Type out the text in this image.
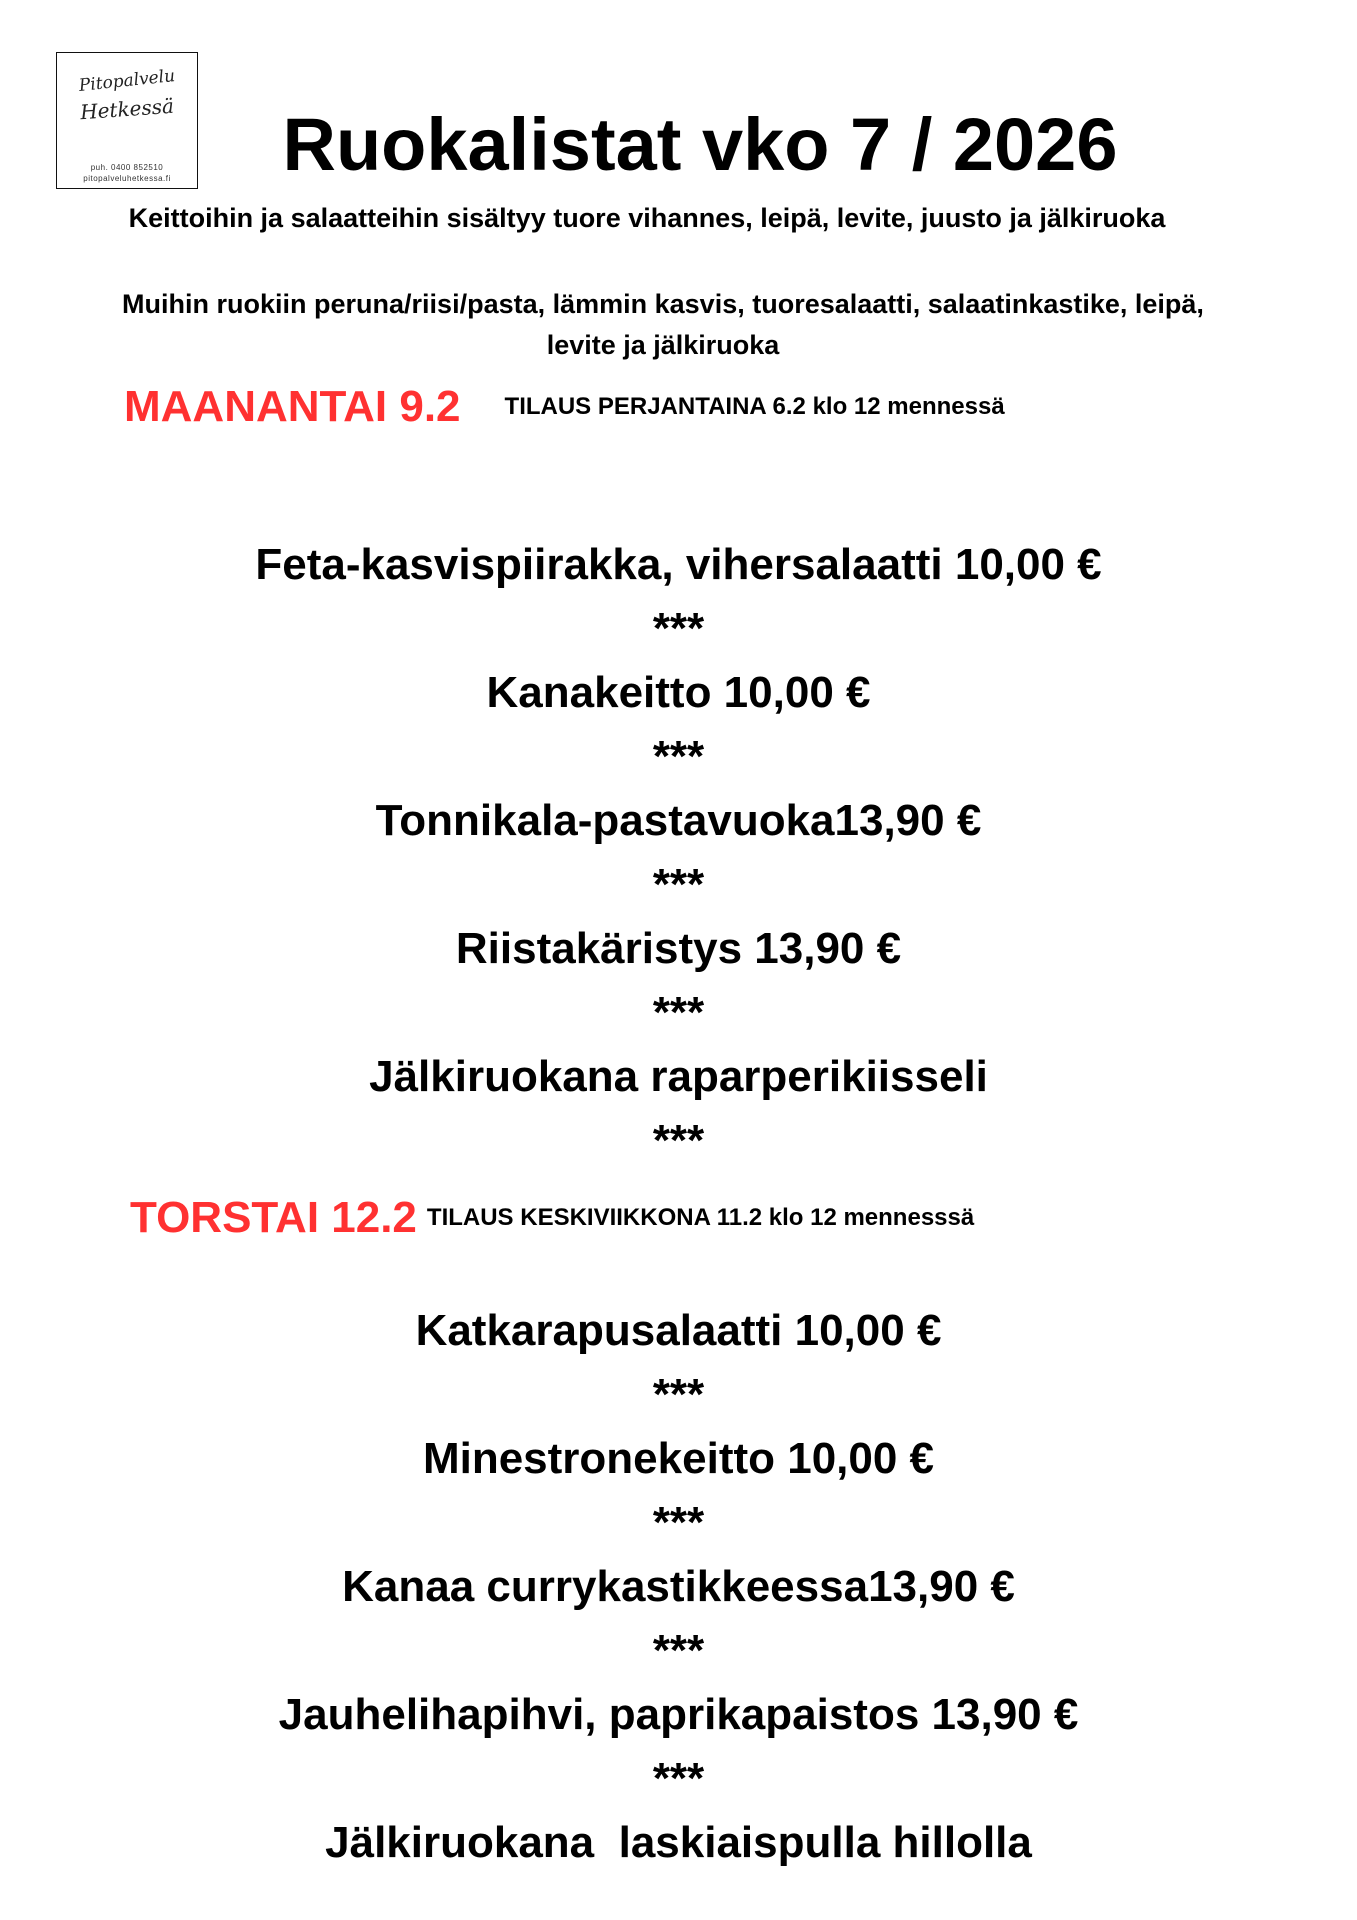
Pitopalvelu
Hetkessä
puh. 0400 852510
pitopalveluhetkessa.fi	Ruokalistat vko 7 / 2026
Keittoihin ja salaatteihin sisältyy tuore vihannes, leipä, levite, juusto ja jälkiruoka
Muihin ruokiin peruna/riisi/pasta, lämmin kasvis, tuoresalaatti, salaatinkastike, leipä,
levite ja jälkiruoka
MAANANTAI 9.2 TILAUS PERJANTAINA 6.2 klo 12 mennessä
Feta-kasvispiirakka, vihersalaatti 10,00 €
***
Kanakeitto 10,00 €
***
Tonnikala-pastavuoka13,90 €
***
Riistakäristys 13,90 €
***
Jälkiruokana raparperikiisseli
***
TORSTAI 12.2 TILAUS KESKIVIIKKONA 11.2 klo 12 mennesssä
Katkarapusalaatti 10,00 €
***
Minestronekeitto 10,00 €
***
Kanaa currykastikkeessa13,90 €
***
Jauhelihapihvi, paprikapaistos 13,90 €
***
Jälkiruokana  laskiaispulla hillolla
